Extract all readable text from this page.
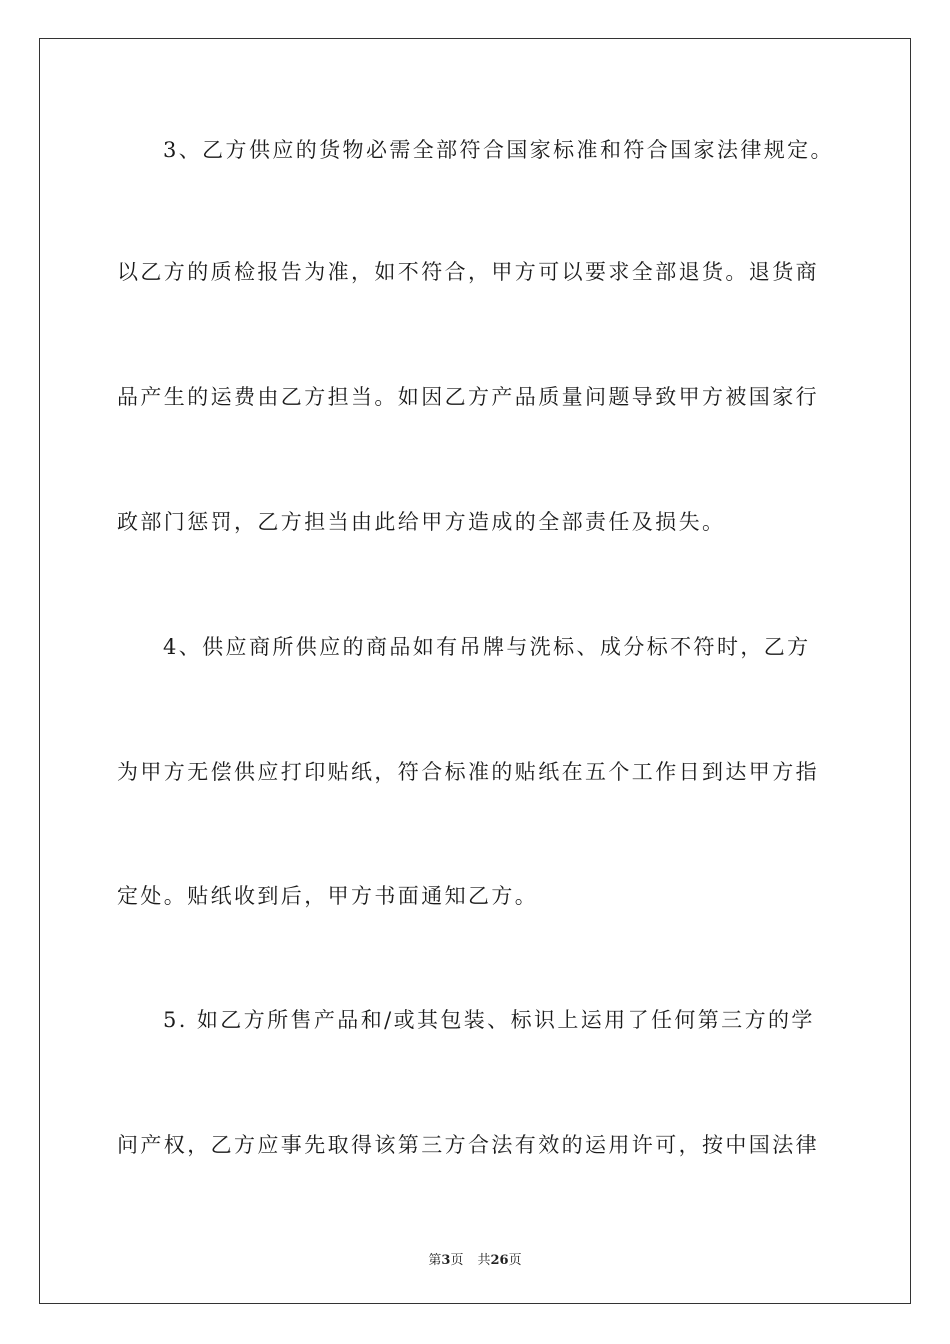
3、乙方供应的货物必需全部符合国家标准和符合国家法律规定。
以乙方的质检报告为准，如不符合，甲方可以要求全部退货。退货商
品产生的运费由乙方担当。如因乙方产品质量问题导致甲方被国家行
政部门惩罚，乙方担当由此给甲方造成的全部责任及损失。
4、供应商所供应的商品如有吊牌与洗标、成分标不符时，乙方
为甲方无偿供应打印贴纸，符合标准的贴纸在五个工作日到达甲方指
定处。贴纸收到后，甲方书面通知乙方。
5. 如乙方所售产品和/或其包装、标识上运用了任何第三方的学
问产权，乙方应事先取得该第三方合法有效的运用许可，按中国法律
第3页 共26页
